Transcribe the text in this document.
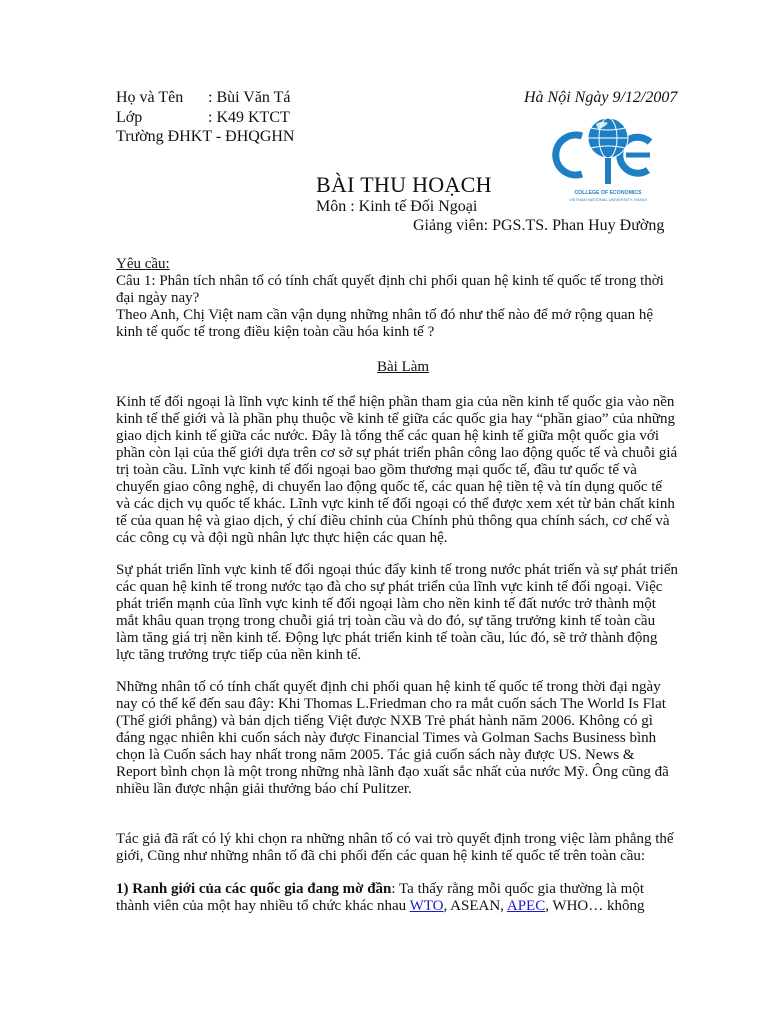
Họ và Tên : Bùi Văn Tá
Lớp	: K49 KTCT
Trường ĐHKT - ĐHQGHN
Hà Nội Ngày 9/12/2007
COLLEGE OF ECONOMICS
VIETNAM NATIONAL UNIVERSITY, HANOI
BÀI THU HOẠCH
Môn : Kinh tế Đối Ngoại
Giảng viên: PGS.TS. Phan Huy Đường
Yêu cầu:
Câu 1: Phân tích nhân tố có tính chất quyết định chi phối quan hệ kinh tế quốc tế trong thời
đại ngày nay?
Theo Anh, Chị Việt nam cần vận dụng những nhân tố đó như thế nào để mở rộng quan hệ
kinh tế quốc tế trong điều kiện toàn cầu hóa kinh tế ?
Bài Làm
Kinh tế đối ngoại là lĩnh vực kinh tế thể hiện phần tham gia của nền kinh tế quốc gia vào nền
kinh tế thế giới và là phần phụ thuộc về kinh tế giữa các quốc gia hay “phần giao” của những
giao dịch kinh tế giữa các nước. Đây là tổng thể các quan hệ kinh tế giữa một quốc gia với
phần còn lại của thế giới dựa trên cơ sở sự phát triển phân công lao động quốc tế và chuỗi giá
trị toàn cầu. Lĩnh vực kinh tế đối ngoại bao gồm thương mại quốc tế, đầu tư quốc tế và
chuyển giao công nghệ, di chuyển lao động quốc tế, các quan hệ tiền tệ và tín dụng quốc tế
và các dịch vụ quốc tế khác. Lĩnh vực kinh tế đối ngoại có thể được xem xét từ bản chất kinh
tế của quan hệ và giao dịch, ý chí điều chỉnh của Chính phủ thông qua chính sách, cơ chế và
các công cụ và đội ngũ nhân lực thực hiện các quan hệ.
Sự phát triển lĩnh vực kinh tế đối ngoại thúc đẩy kinh tế trong nước phát triển và sự phát triển
các quan hệ kinh tế trong nước tạo đà cho sự phát triển của lĩnh vực kinh tế đối ngoại. Việc
phát triển mạnh của lĩnh vực kinh tế đối ngoại làm cho nền kinh tế đất nước trở thành một
mắt khâu quan trọng trong chuỗi giá trị toàn cầu và do đó, sự tăng trưởng kinh tế toàn cầu
làm tăng giá trị nền kinh tế. Động lực phát triển kinh tế toàn cầu, lúc đó, sẽ trở thành động
lực tăng trưởng trực tiếp của nền kinh tế.
Những nhân tố có tính chất quyết định chi phối quan hệ kinh tế quốc tế trong thời đại ngày
nay có thể kể đến sau đây: Khi Thomas L.Friedman cho ra mắt cuốn sách The World Is Flat
(Thế giới phẳng) và bản dịch tiếng Việt được NXB Trẻ phát hành năm 2006. Không có gì
đáng ngạc nhiên khi cuốn sách này được Financial Times và Golman Sachs Business bình
chọn là Cuốn sách hay nhất trong năm 2005. Tác giả cuốn sách này được US. News &
Report bình chọn là một trong những nhà lãnh đạo xuất sắc nhất của nước Mỹ. Ông cũng đã
nhiều lần được nhận giải thưởng báo chí Pulitzer.
Tác giả đã rất có lý khi chọn ra những nhân tố có vai trò quyết định trong việc làm phẳng thế
giới, Cũng như những nhân tố đã chi phối đến các quan hệ kinh tế quốc tế trên toàn cầu:
1) Ranh giới của các quốc gia đang mờ đần: Ta thấy rằng mỗi quốc gia thường là một
thành viên của một hay nhiều tổ chức khác nhau WTO, ASEAN, APEC, WHO… không
